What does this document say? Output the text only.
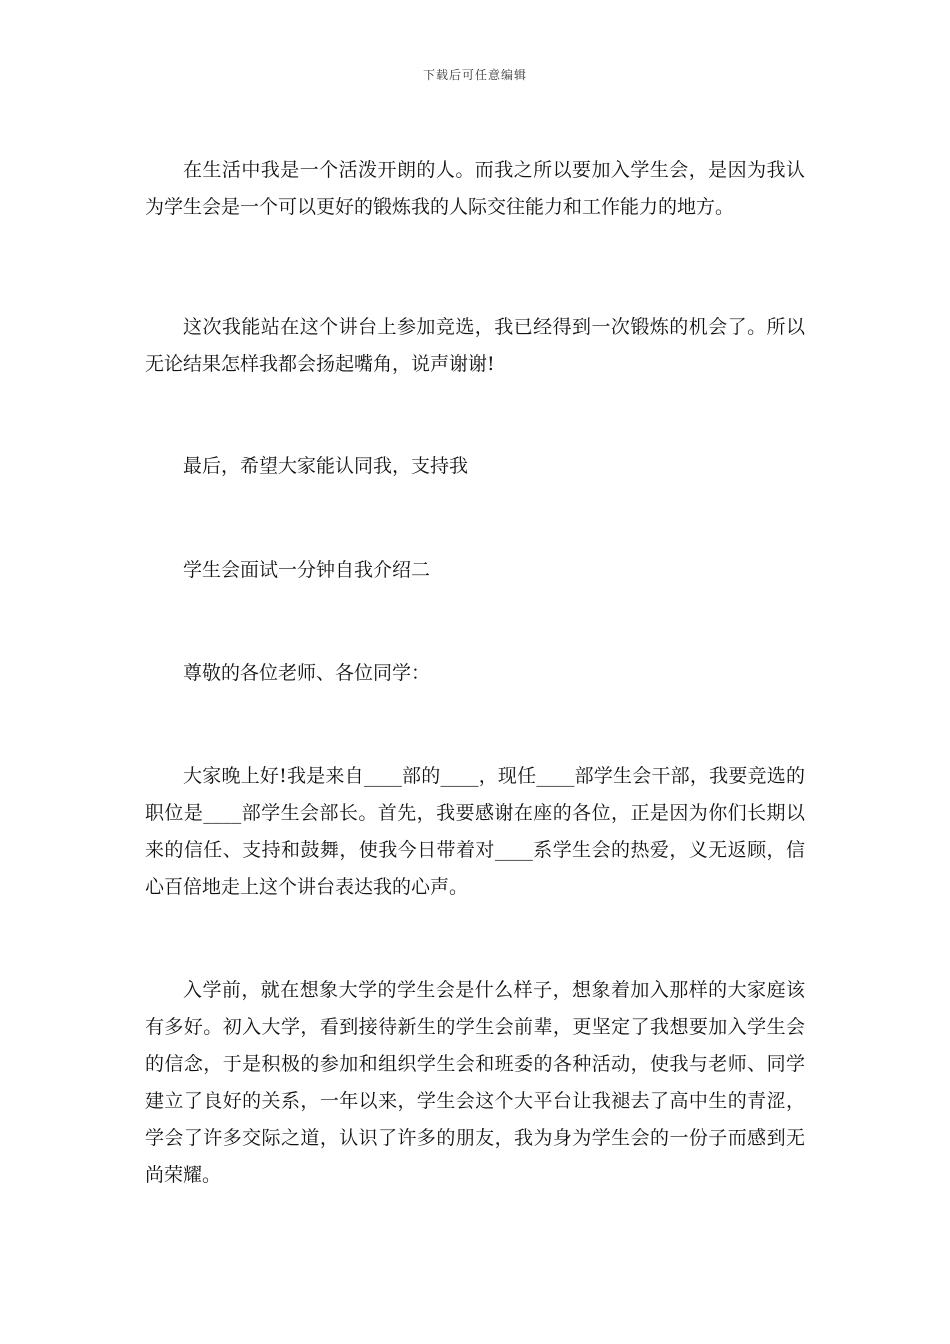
下载后可任意编辑

在生活中我是一个活泼开朗的人。而我之所以要加入学生会，是因为我认为学生会是一个可以更好的锻炼我的人际交往能力和工作能力的地方。

这次我能站在这个讲台上参加竞选，我已经得到一次锻炼的机会了。所以无论结果怎样我都会扬起嘴角，说声谢谢!

最后，希望大家能认同我，支持我

学生会面试一分钟自我介绍二

尊敬的各位老师、各位同学：

大家晚上好!我是来自____部的____，现任____部学生会干部，我要竞选的职位是____部学生会部长。首先，我要感谢在座的各位，正是因为你们长期以来的信任、支持和鼓舞，使我今日带着对____系学生会的热爱，义无返顾，信心百倍地走上这个讲台表达我的心声。

入学前，就在想象大学的学生会是什么样子，想象着加入那样的大家庭该有多好。初入大学，看到接待新生的学生会前辈，更坚定了我想要加入学生会的信念，于是积极的参加和组织学生会和班委的各种活动，使我与老师、同学建立了良好的关系，一年以来，学生会这个大平台让我褪去了高中生的青涩，学会了许多交际之道，认识了许多的朋友，我为身为学生会的一份子而感到无尚荣耀。
